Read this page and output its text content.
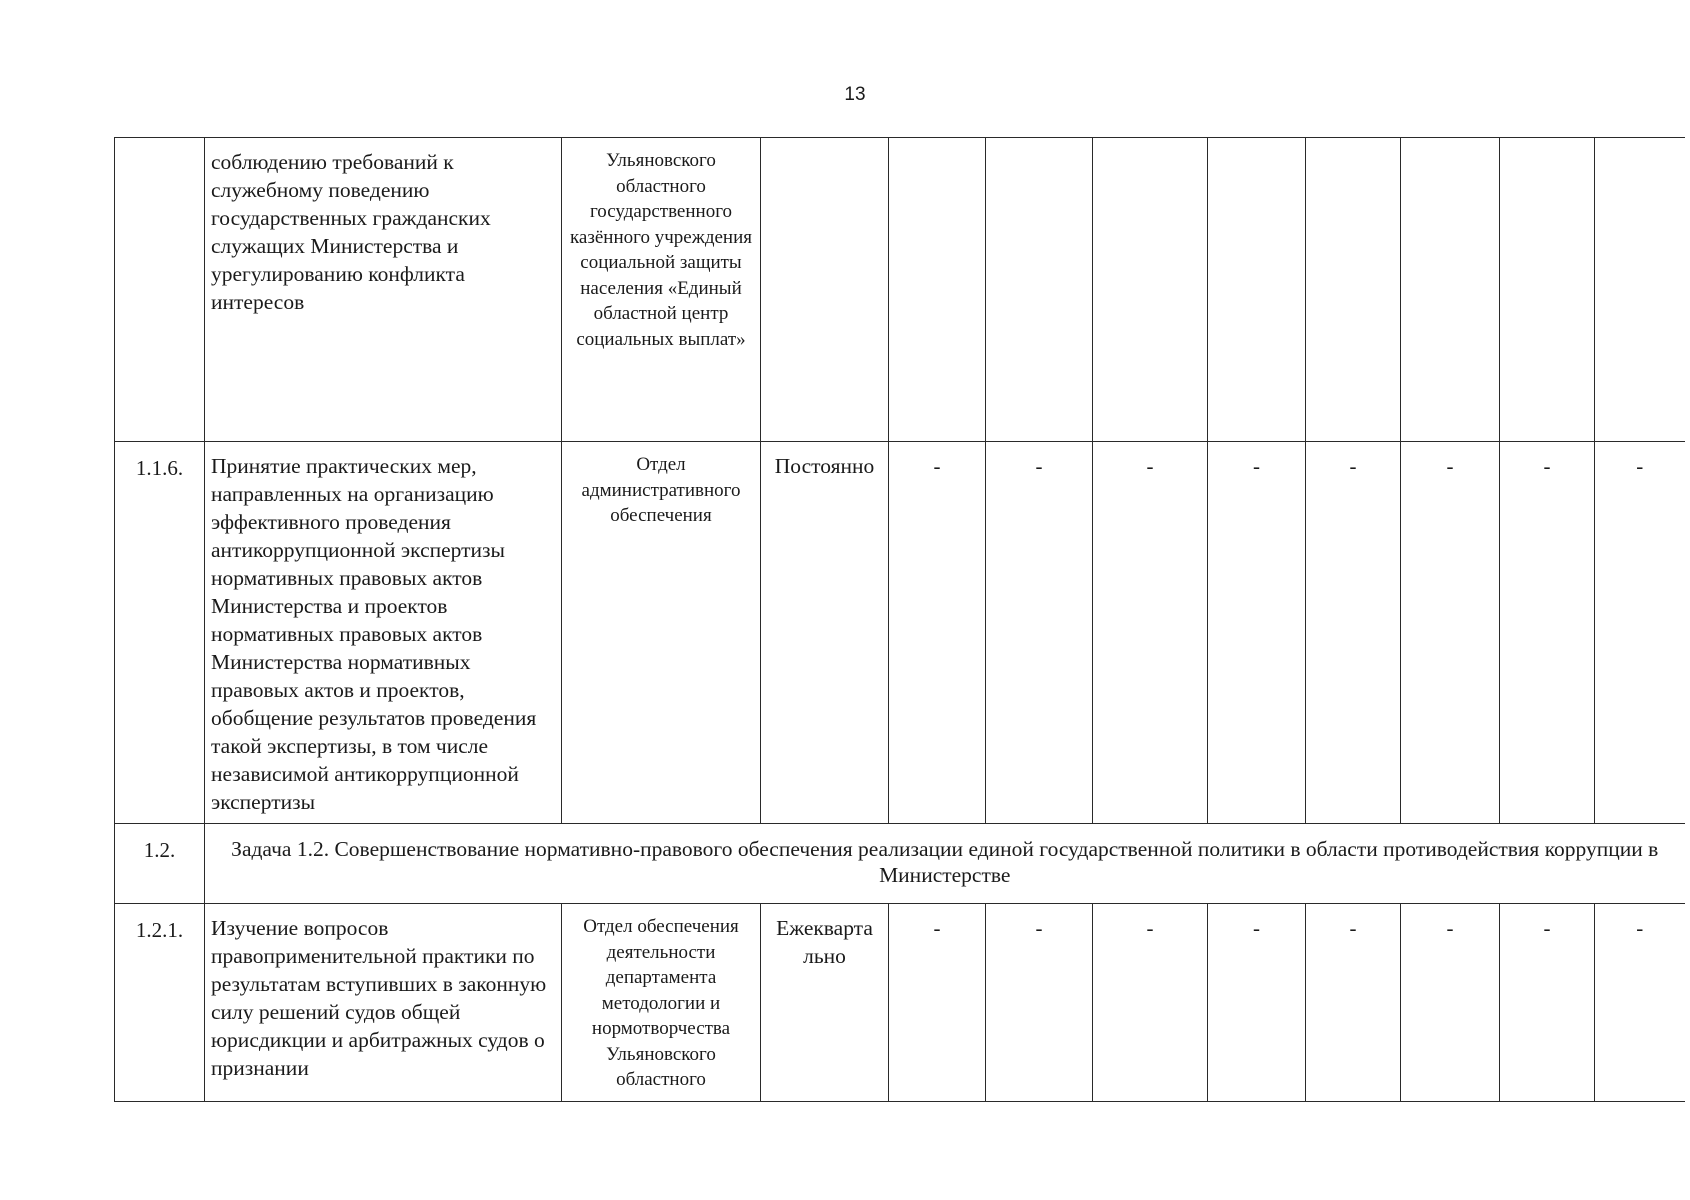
13
	соблюдению требований к служебному поведению государственных гражданских служащих Министерства и урегулированию конфликта интересов	Ульяновского областного государственного казённого учреждения социальной защиты населения «Единый областной центр социальных выплат»									
1.1.6.	Принятие практических мер, направленных на организацию эффективного проведения антикоррупционной экспертизы нормативных правовых актов Министерства и проектов нормативных правовых актов Министерства нормативных правовых актов и проектов, обобщение результатов проведения такой экспертизы, в том числе независимой антикоррупционной экспертизы	Отдел административного обеспечения	Постоянно	-	-	-	-	-	-	-	-
1.2.	Задача 1.2. Совершенствование нормативно-правового обеспечения реализации единой государственной политики в области противодействия коррупции в Министерстве										
1.2.1.	Изучение вопросов правоприменительной практики по результатам вступивших в законную силу решений судов общей юрисдикции и арбитражных судов о признании	Отдел обеспечения деятельности департамента методологии и нормотворчества Ульяновского областного	Ежекварта льно	-	-	-	-	-	-	-	-
